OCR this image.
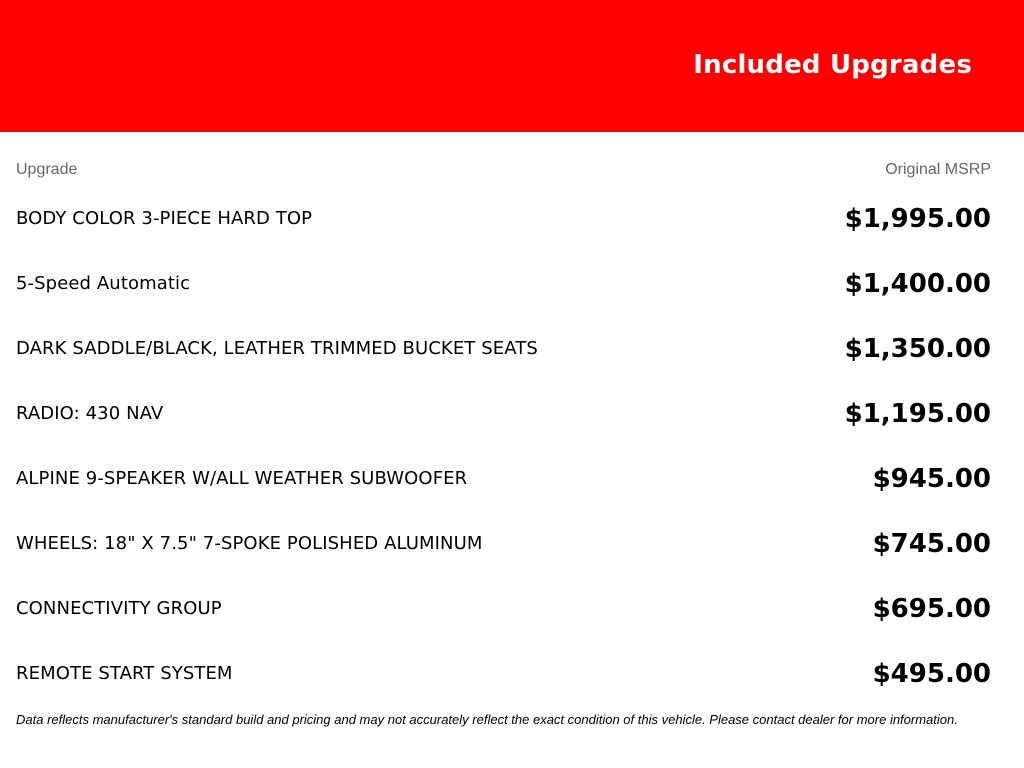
Included Upgrades
Upgrade	Original MSRP
BODY COLOR 3-PIECE HARD TOP	$1,995.00
5-Speed Automatic	$1,400.00
DARK SADDLE/BLACK, LEATHER TRIMMED BUCKET SEATS	$1,350.00
RADIO: 430 NAV	$1,195.00
ALPINE 9-SPEAKER W/ALL WEATHER SUBWOOFER	$945.00
WHEELS: 18" X 7.5" 7-SPOKE POLISHED ALUMINUM	$745.00
CONNECTIVITY GROUP	$695.00
REMOTE START SYSTEM	$495.00
Data reflects manufacturer's standard build and pricing and may not accurately reflect the exact condition of this vehicle. Please contact dealer for more information.
